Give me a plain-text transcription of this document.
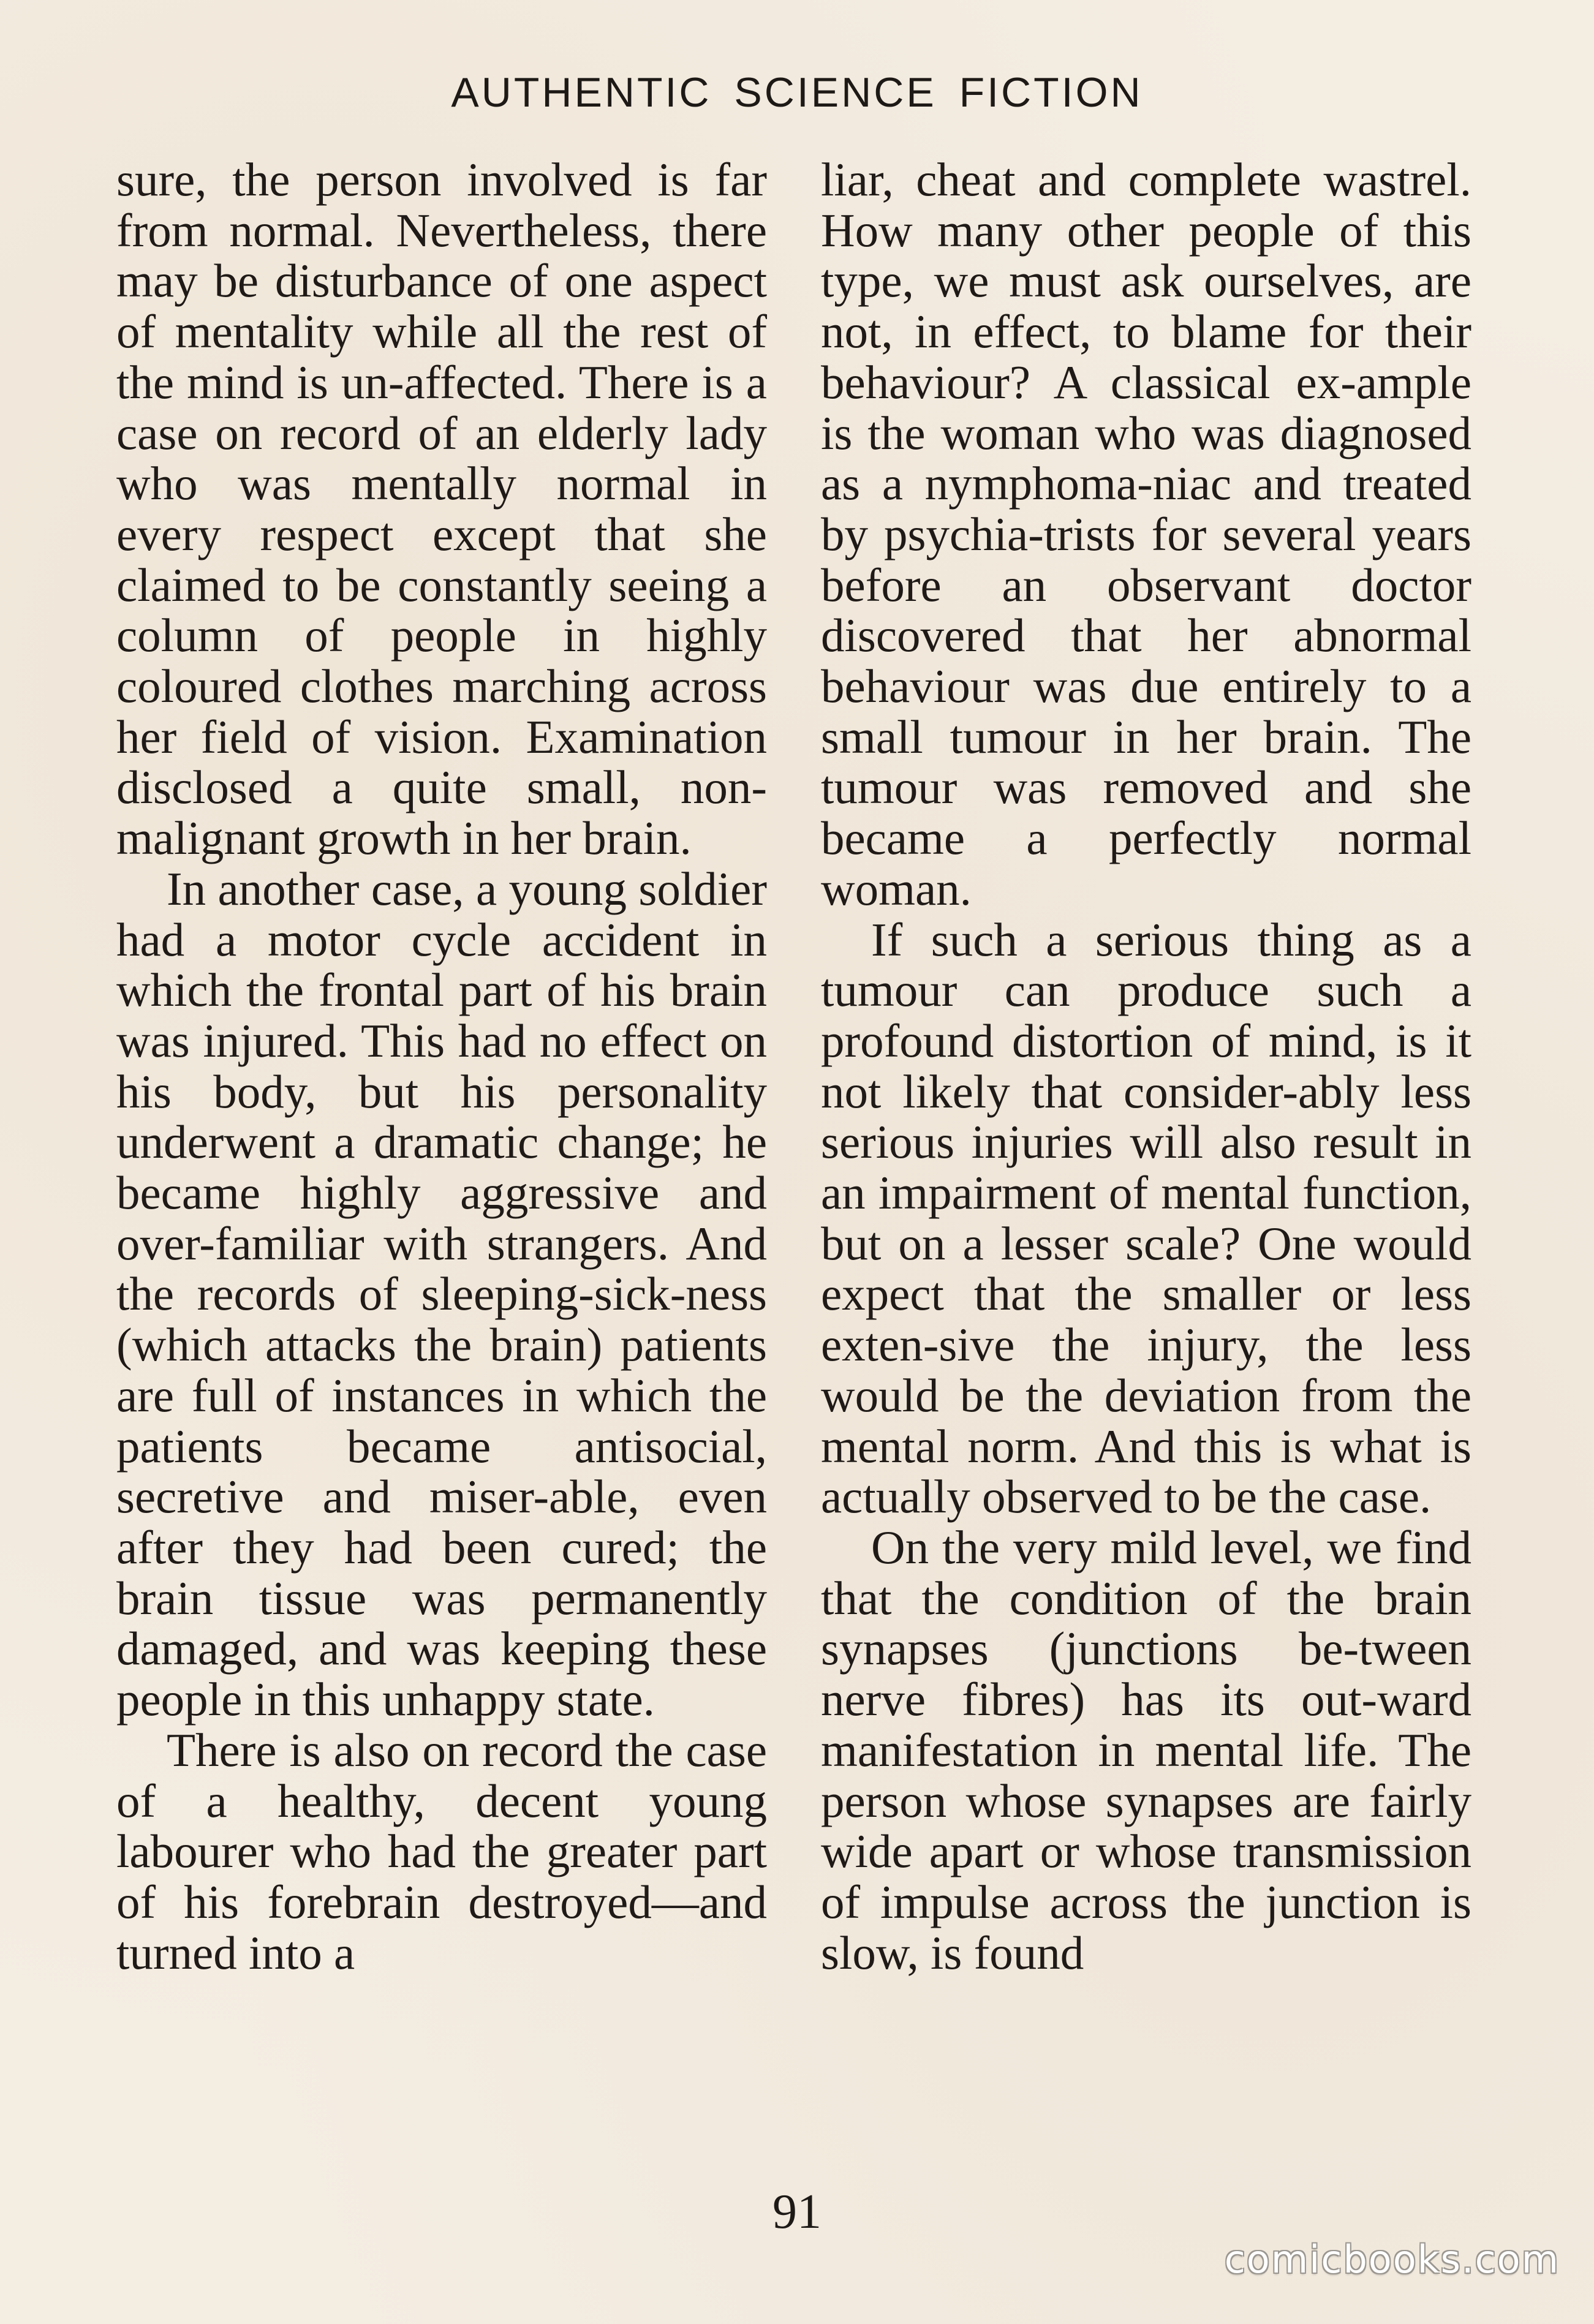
AUTHENTIC SCIENCE FICTION

sure, the person involved is far from normal. Nevertheless, there may be disturbance of one aspect of mentality while all the rest of the mind is un-affected. There is a case on record of an elderly lady who was mentally normal in every respect except that she claimed to be constantly seeing a column of people in highly coloured clothes marching across her field of vision. Examination disclosed a quite small, non-malignant growth in her brain.

In another case, a young soldier had a motor cycle accident in which the frontal part of his brain was injured. This had no effect on his body, but his personality underwent a dramatic change; he became highly aggressive and over-familiar with strangers. And the records of sleeping-sick-ness (which attacks the brain) patients are full of instances in which the patients became antisocial, secretive and miser-able, even after they had been cured; the brain tissue was permanently damaged, and was keeping these people in this unhappy state.

There is also on record the case of a healthy, decent young labourer who had the greater part of his forebrain destroyed—and turned into a

liar, cheat and complete wastrel. How many other people of this type, we must ask ourselves, are not, in effect, to blame for their behaviour? A classical ex-ample is the woman who was diagnosed as a nymphoma-niac and treated by psychia-trists for several years before an observant doctor discovered that her abnormal behaviour was due entirely to a small tumour in her brain. The tumour was removed and she became a perfectly normal woman.

If such a serious thing as a tumour can produce such a profound distortion of mind, is it not likely that consider-ably less serious injuries will also result in an impairment of mental function, but on a lesser scale? One would expect that the smaller or less exten-sive the injury, the less would be the deviation from the mental norm. And this is what is actually observed to be the case.

On the very mild level, we find that the condition of the brain synapses (junctions be-tween nerve fibres) has its out-ward manifestation in mental life. The person whose synapses are fairly wide apart or whose transmission of impulse across the junction is slow, is found

91
comicbooks.com
